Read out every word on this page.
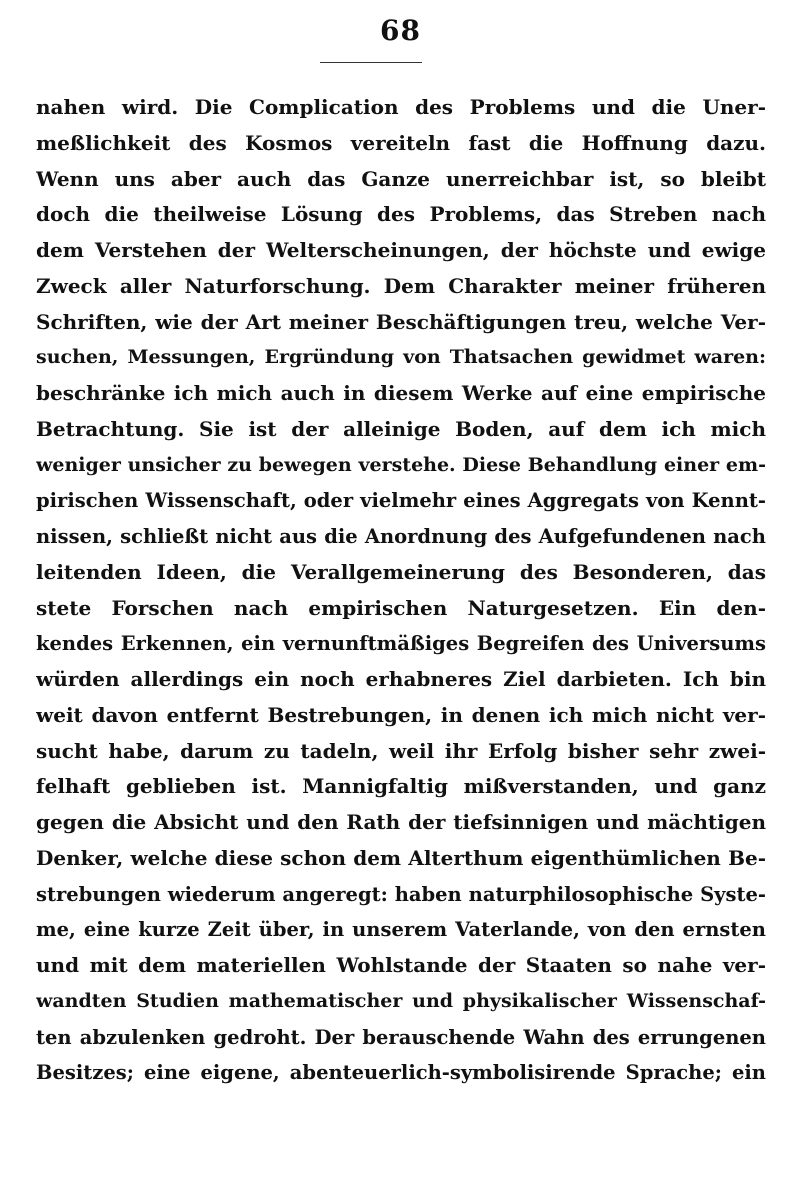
68
nahen wird. Die Complication des Problems und die Uner-
meßlichkeit des Kosmos vereiteln fast die Hoffnung dazu.
Wenn uns aber auch das Ganze unerreichbar ist, so bleibt
doch die theilweise Lösung des Problems, das Streben nach
dem Verstehen der Welterscheinungen, der höchste und ewige
Zweck aller Naturforschung. Dem Charakter meiner früheren
Schriften, wie der Art meiner Beschäftigungen treu, welche Ver-
suchen, Messungen, Ergründung von Thatsachen gewidmet waren:
beschränke ich mich auch in diesem Werke auf eine empirische
Betrachtung. Sie ist der alleinige Boden, auf dem ich mich
weniger unsicher zu bewegen verstehe. Diese Behandlung einer em-
pirischen Wissenschaft, oder vielmehr eines Aggregats von Kennt-
nissen, schließt nicht aus die Anordnung des Aufgefundenen nach
leitenden Ideen, die Verallgemeinerung des Besonderen, das
stete Forschen nach empirischen Naturgesetzen. Ein den-
kendes Erkennen, ein vernunftmäßiges Begreifen des Universums
würden allerdings ein noch erhabneres Ziel darbieten. Ich bin
weit davon entfernt Bestrebungen, in denen ich mich nicht ver-
sucht habe, darum zu tadeln, weil ihr Erfolg bisher sehr zwei-
felhaft geblieben ist. Mannigfaltig mißverstanden, und ganz
gegen die Absicht und den Rath der tiefsinnigen und mächtigen
Denker, welche diese schon dem Alterthum eigenthümlichen Be-
strebungen wiederum angeregt: haben naturphilosophische Syste-
me, eine kurze Zeit über, in unserem Vaterlande, von den ernsten
und mit dem materiellen Wohlstande der Staaten so nahe ver-
wandten Studien mathematischer und physikalischer Wissenschaf-
ten abzulenken gedroht. Der berauschende Wahn des errungenen
Besitzes; eine eigene, abenteuerlich-symbolisirende Sprache; ein
